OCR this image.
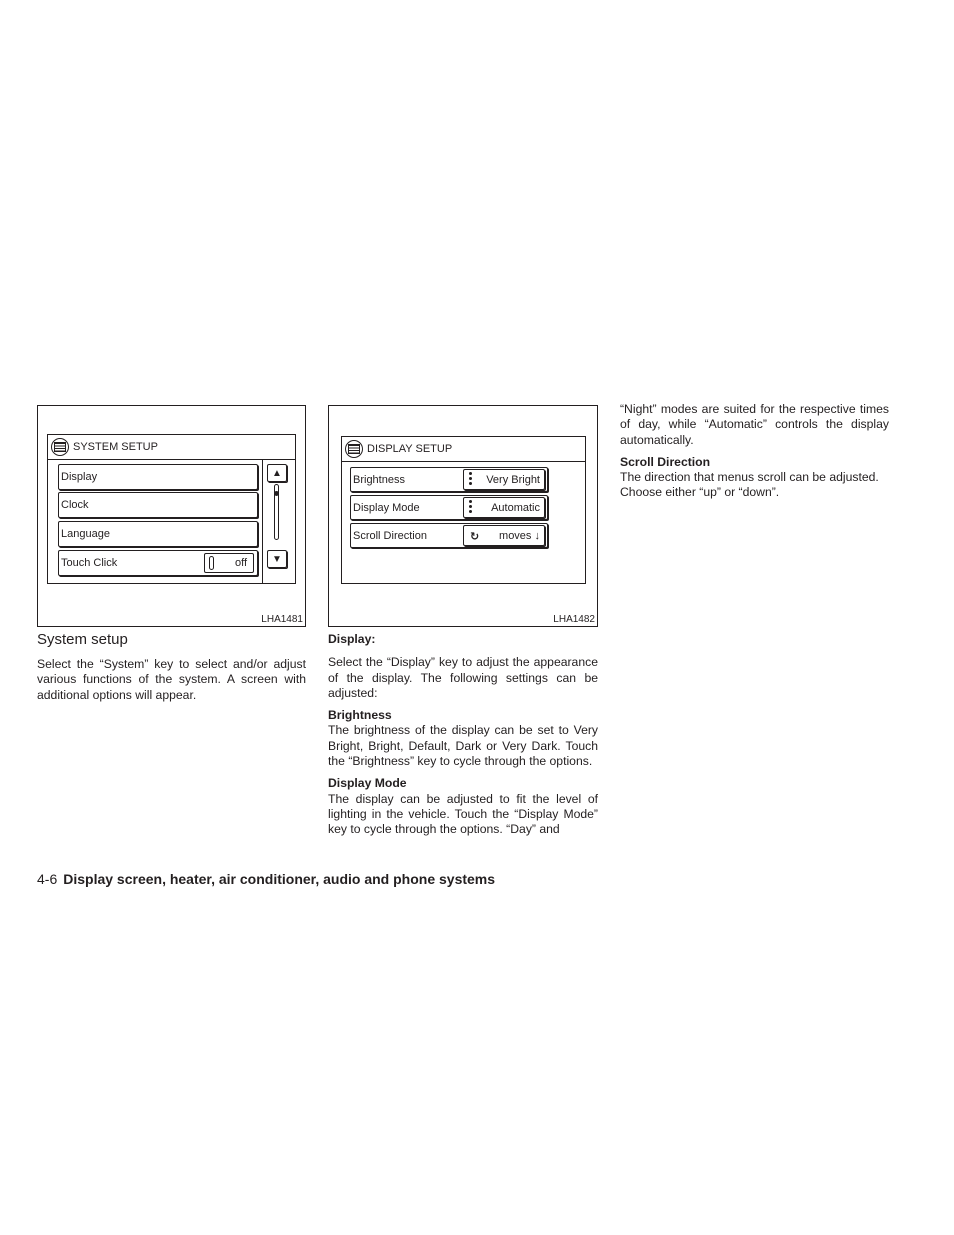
SYSTEM SETUP
Display
Clock
Language
Touch Click	off
▲
▼
LHA1481
DISPLAY SETUP
Brightness	Very Bright
Display Mode	Automatic
Scroll Direction	↻ moves ↓
LHA1482

System setup

Select the “System” key to select and/or adjust various functions of the system. A screen with additional options will appear.

Display:

Select the “Display” key to adjust the appearance of the display. The following settings can be adjusted:

Brightness

The brightness of the display can be set to Very Bright, Bright, Default, Dark or Very Dark. Touch the “Brightness” key to cycle through the options.

Display Mode

The display can be adjusted to fit the level of lighting in the vehicle. Touch the “Display Mode” key to cycle through the options. “Day” and

“Night” modes are suited for the respective times of day, while “Automatic” controls the display automatically.

Scroll Direction

The direction that menus scroll can be adjusted. Choose either “up” or “down”.

4-6 Display screen, heater, air conditioner, audio and phone systems
